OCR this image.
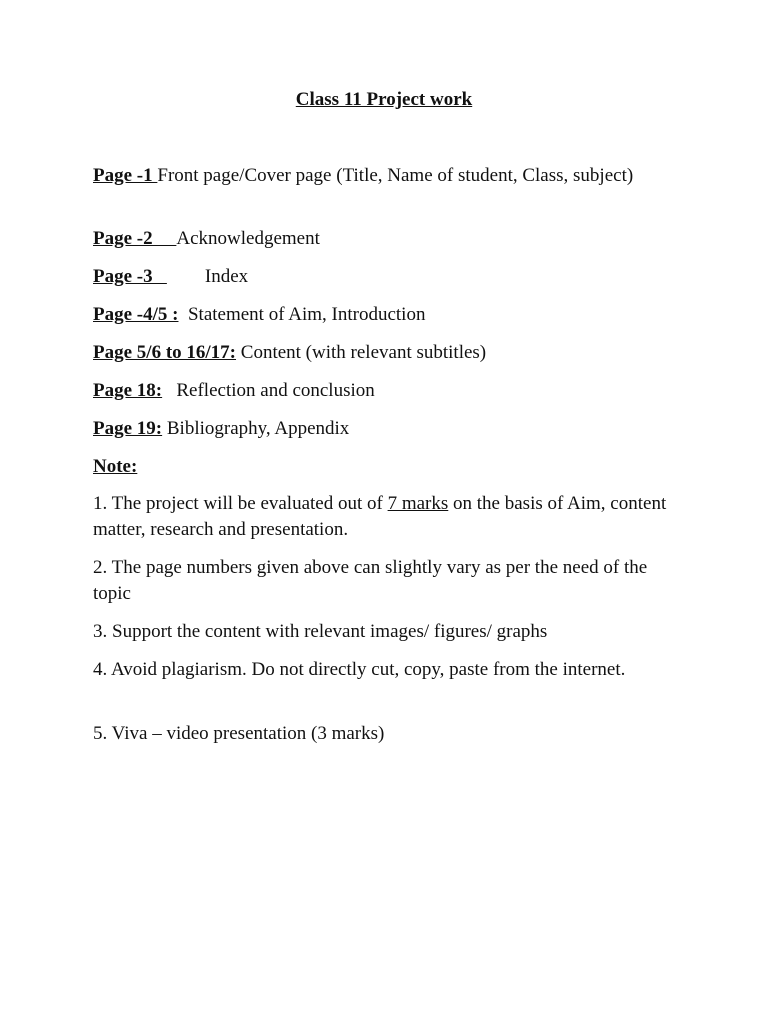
Class 11 Project work

Page -1 Front page/Cover page (Title, Name of student, Class, subject)

Page -2     Acknowledgement

Page -3           Index

Page -4/5 :  Statement of Aim, Introduction

Page 5/6 to 16/17: Content (with relevant subtitles)

Page 18:   Reflection and conclusion

Page 19: Bibliography, Appendix

Note:

1. The project will be evaluated out of 7 marks on the basis of Aim, content matter, research and presentation.

2. The page numbers given above can slightly vary as per the need of the topic

3. Support the content with relevant images/ figures/ graphs

4. Avoid plagiarism. Do not directly cut, copy, paste from the internet.

5. Viva – video presentation (3 marks)
